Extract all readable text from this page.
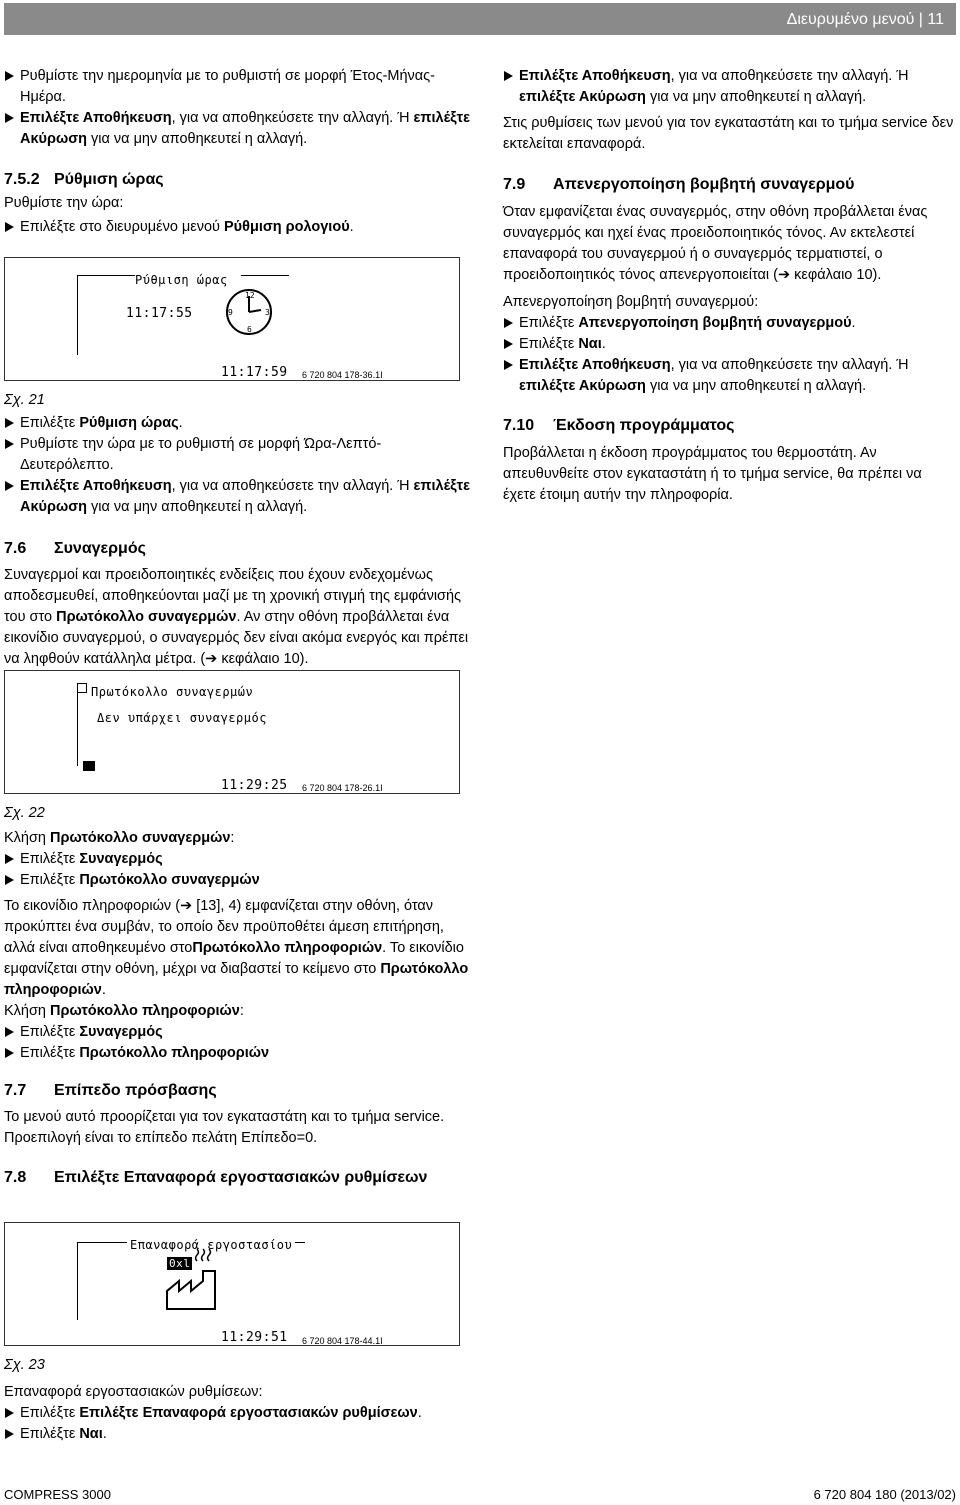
Διευρυμένο μενού | 11

Ρυθμίστε την ημερομηνία με το ρυθμιστή σε μορφή Έτος-Μήνας-Ημέρα.

Επιλέξτε Αποθήκευση, για να αποθηκεύσετε την αλλαγή. Ή επιλέξτε Ακύρωση για να μην αποθηκευτεί η αλλαγή.

7.5.2 Ρύθμιση ώρας

Ρυθμίστε την ώρα:

Επιλέξτε στο διευρυμένο μενού Ρύθμιση ρολογιού.

Ρύθμιση ώρας
11:17:55
12
9	3
6
11:17:59 6 720 804 178-36.1I
Σχ. 21

Επιλέξτε Ρύθμιση ώρας.

Ρυθμίστε την ώρα με το ρυθμιστή σε μορφή Ώρα-Λεπτό-Δευτερόλεπτο.

Επιλέξτε Αποθήκευση, για να αποθηκεύσετε την αλλαγή. Ή επιλέξτε Ακύρωση για να μην αποθηκευτεί η αλλαγή.

7.6 Συναγερμός

Συναγερμοί και προειδοποιητικές ενδείξεις που έχουν ενδεχομένως αποδεσμευθεί, αποθηκεύονται μαζί με τη χρονική στιγμή της εμφάνισής του στο Πρωτόκολλο συναγερμών. Αν στην οθόνη προβάλλεται ένα εικονίδιο συναγερμού, ο συναγερμός δεν είναι ακόμα ενεργός και πρέπει να ληφθούν κατάλληλα μέτρα. (➔ κεφάλαιο 10).

Πρωτόκολλο συναγερμών
Δεν υπάρχει συναγερμός
11:29:25 6 720 804 178-26.1I
Σχ. 22

Κλήση Πρωτόκολλο συναγερμών:

Επιλέξτε Συναγερμός

Επιλέξτε Πρωτόκολλο συναγερμών

Το εικονίδιο πληροφοριών (➔ [13], 4) εμφανίζεται στην οθόνη, όταν προκύπτει ένα συμβάν, το οποίο δεν προϋποθέτει άμεση επιτήρηση, αλλά είναι αποθηκευμένο στοΠρωτόκολλο πληροφοριών. Το εικονίδιο εμφανίζεται στην οθόνη, μέχρι να διαβαστεί το κείμενο στο Πρωτόκολλο πληροφοριών.

Κλήση Πρωτόκολλο πληροφοριών:

Επιλέξτε Συναγερμός

Επιλέξτε Πρωτόκολλο πληροφοριών

7.7 Επίπεδο πρόσβασης

Το μενού αυτό προορίζεται για τον εγκαταστάτη και το τμήμα service. Προεπιλογή είναι το επίπεδο πελάτη Επίπεδο=0.

7.8 Επιλέξτε Επαναφορά εργοστασιακών ρυθμίσεων
Επαναφορά εργοστασίου
0xl
11:29:51 6 720 804 178-44.1I
Σχ. 23

Επαναφορά εργοστασιακών ρυθμίσεων:

Επιλέξτε Επιλέξτε Επαναφορά εργοστασιακών ρυθμίσεων.

Επιλέξτε Ναι.

Επιλέξτε Αποθήκευση, για να αποθηκεύσετε την αλλαγή. Ή επιλέξτε Ακύρωση για να μην αποθηκευτεί η αλλαγή.

Στις ρυθμίσεις των μενού για τον εγκαταστάτη και το τμήμα service δεν εκτελείται επαναφορά.

7.9 Απενεργοποίηση βομβητή συναγερμού

Όταν εμφανίζεται ένας συναγερμός, στην οθόνη προβάλλεται ένας συναγερμός και ηχεί ένας προειδοποιητικός τόνος. Αν εκτελεστεί επαναφορά του συναγερμού ή ο συναγερμός τερματιστεί, ο προειδοποιητικός τόνος απενεργοποιείται (➔ κεφάλαιο 10).

Απενεργοποίηση βομβητή συναγερμού:

Επιλέξτε Απενεργοποίηση βομβητή συναγερμού.

Επιλέξτε Ναι.

Επιλέξτε Αποθήκευση, για να αποθηκεύσετε την αλλαγή. Ή επιλέξτε Ακύρωση για να μην αποθηκευτεί η αλλαγή.

7.10 Έκδοση προγράμματος

Προβάλλεται η έκδοση προγράμματος του θερμοστάτη. Αν απευθυνθείτε στον εγκαταστάτη ή το τμήμα service, θα πρέπει να έχετε έτοιμη αυτήν την πληροφορία.

COMPRESS 3000	6 720 804 180 (2013/02)
